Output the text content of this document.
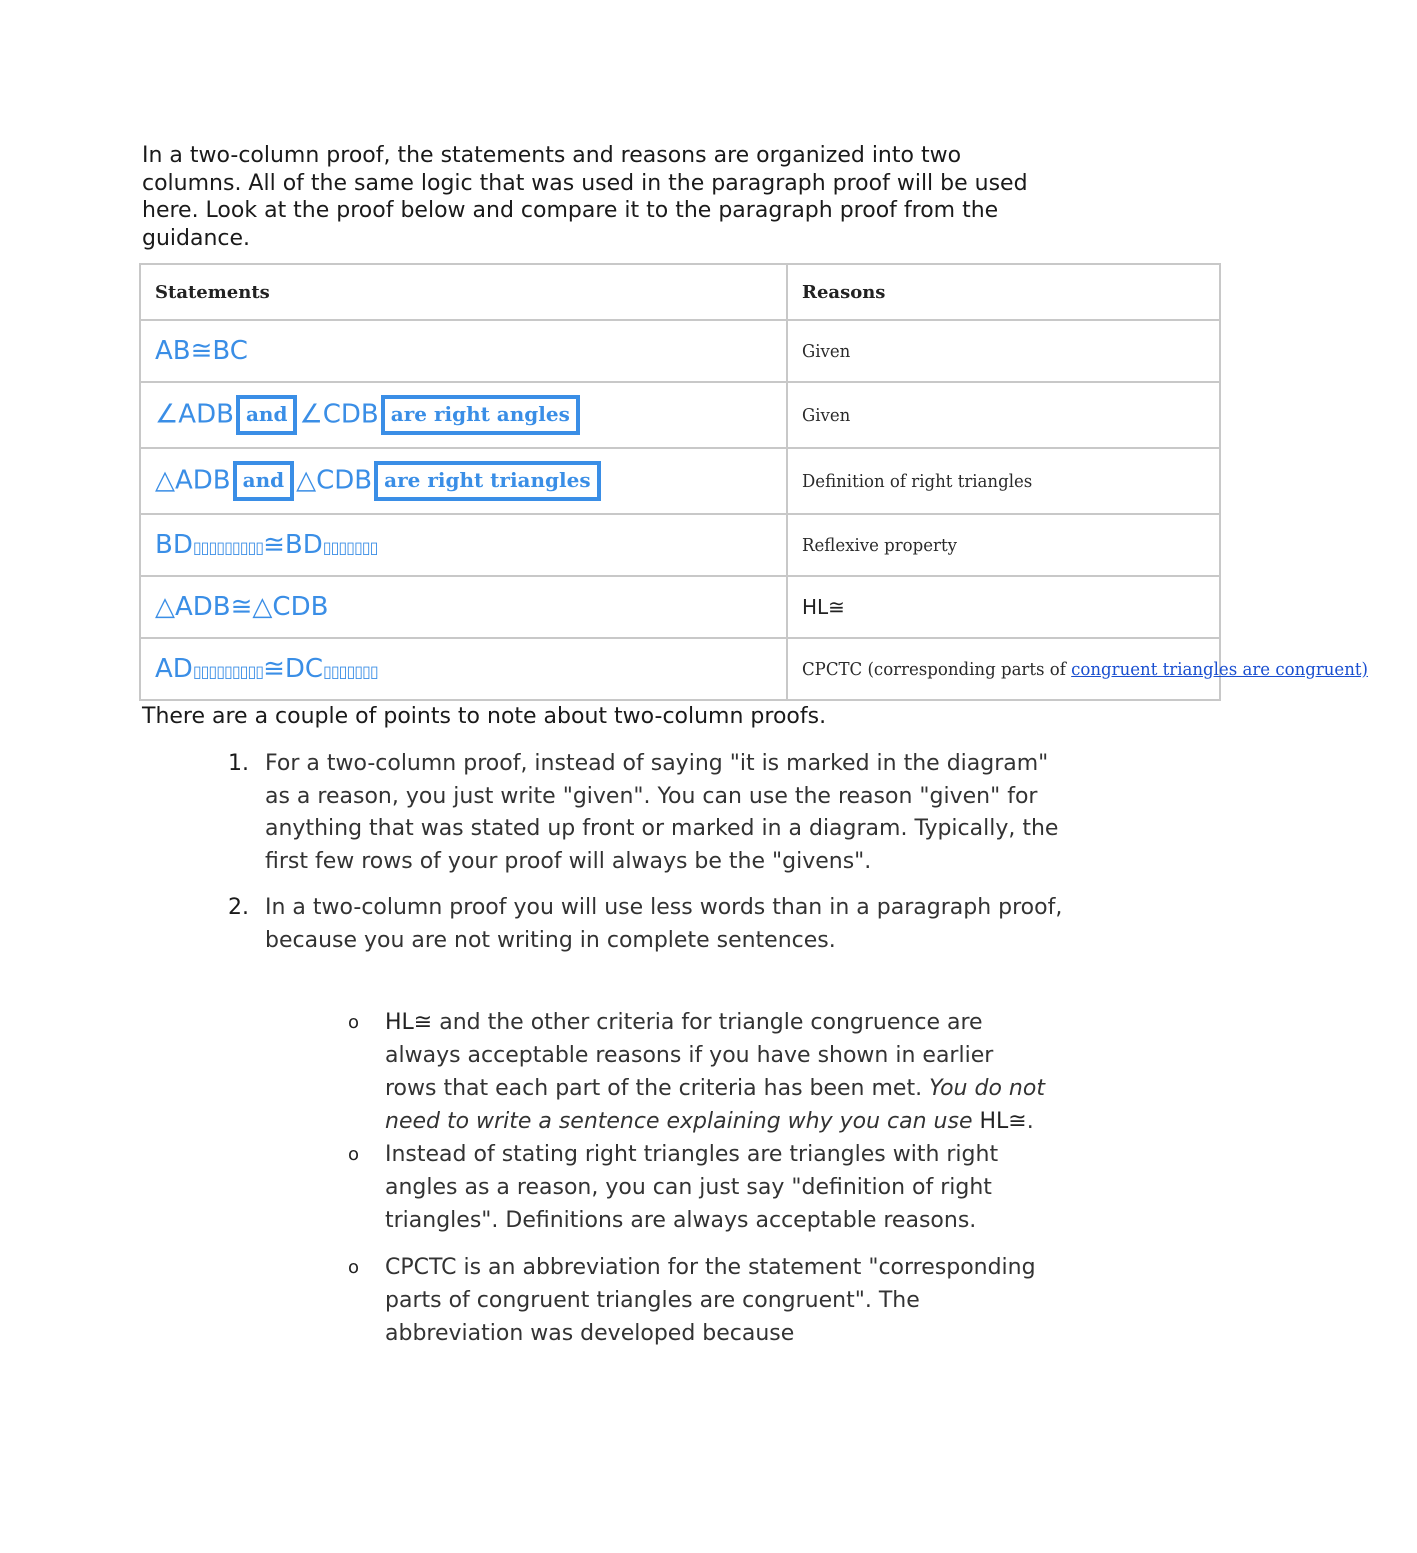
In a two-column proof, the statements and reasons are organized into two columns. All of the same logic that was used in the paragraph proof will be used here. Look at the proof below and compare it to the paragraph proof from the guidance.

Statements	Reasons
AB≅BC	Given
∠ADB and ∠CDB are right angles	Given
△ADB and △CDB are right triangles	Definition of right triangles
BD▯▯▯▯▯▯▯▯▯≅BD▯▯▯▯▯▯▯	Reflexive property
△ADB≅△CDB	HL≅
AD▯▯▯▯▯▯▯▯▯≅DC▯▯▯▯▯▯▯	CPCTC (corresponding parts of congruent triangles are congruent)

There are a couple of points to note about two-column proofs.

1. For a two-column proof, instead of saying "it is marked in the diagram" as a reason, you just write "given". You can use the reason "given" for anything that was stated up front or marked in a diagram. Typically, the first few rows of your proof will always be the "givens".
2. In a two-column proof you will use less words than in a paragraph proof, because you are not writing in complete sentences.
o HL≅ and the other criteria for triangle congruence are always acceptable reasons if you have shown in earlier rows that each part of the criteria has been met. You do not need to write a sentence explaining why you can use HL≅.
o Instead of stating right triangles are triangles with right angles as a reason, you can just say "definition of right triangles". Definitions are always acceptable reasons.
o CPCTC is an abbreviation for the statement "corresponding parts of congruent triangles are congruent". The abbreviation was developed because
